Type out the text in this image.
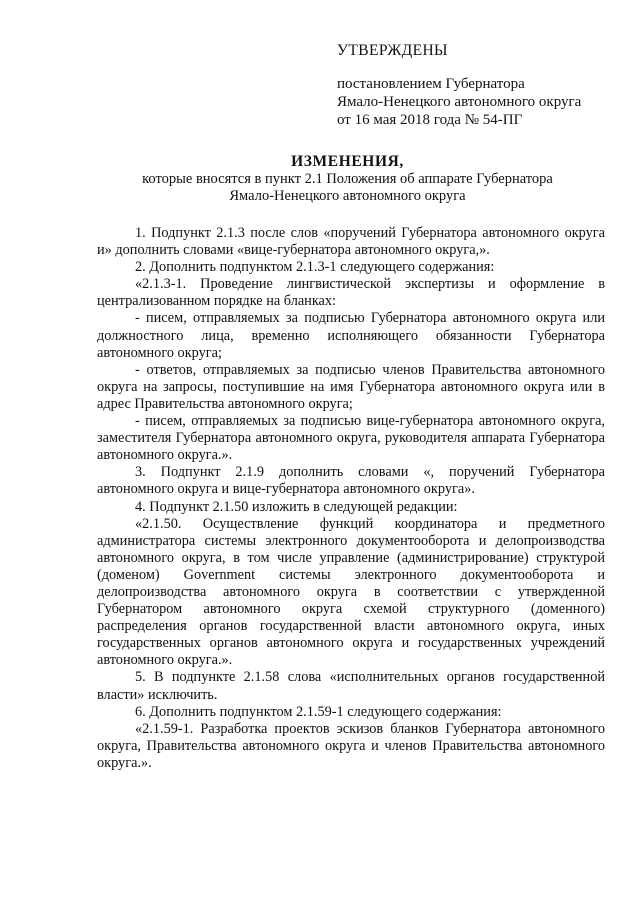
УТВЕРЖДЕНЫ
постановлением Губернатора
Ямало-Ненецкого автономного округа
от 16 мая 2018 года № 54-ПГ
ИЗМЕНЕНИЯ,
которые вносятся в пункт 2.1 Положения об аппарате Губернатора
Ямало-Ненецкого автономного округа

1. Подпункт 2.1.3 после слов «поручений Губернатора автономного округа и» дополнить словами «вице-губернатора автономного округа,».

2. Дополнить подпунктом 2.1.3-1 следующего содержания:

«2.1.3-1. Проведение лингвистической экспертизы и оформление в централизованном порядке на бланках:

- писем, отправляемых за подписью Губернатора автономного округа или должностного лица, временно исполняющего обязанности Губернатора автономного округа;

- ответов, отправляемых за подписью членов Правительства автономного округа на запросы, поступившие на имя Губернатора автономного округа или в адрес Правительства автономного округа;

- писем, отправляемых за подписью вице-губернатора автономного округа, заместителя Губернатора автономного округа, руководителя аппарата Губернатора автономного округа.».

3. Подпункт 2.1.9 дополнить словами «, поручений Губернатора автономного округа и вице-губернатора автономного округа».

4. Подпункт 2.1.50 изложить в следующей редакции:

«2.1.50. Осуществление функций координатора и предметного администратора системы электронного документооборота и делопроизводства автономного округа, в том числе управление (администрирование) структурой (доменом) Government системы электронного документооборота и делопроизводства автономного округа в соответствии с утвержденной Губернатором автономного округа схемой структурного (доменного) распределения органов государственной власти автономного округа, иных государственных органов автономного округа и государственных учреждений автономного округа.».

5. В подпункте 2.1.58 слова «исполнительных органов государственной власти» исключить.

6. Дополнить подпунктом 2.1.59-1 следующего содержания:

«2.1.59-1. Разработка проектов эскизов бланков Губернатора автономного округа, Правительства автономного округа и членов Правительства автономного округа.».
